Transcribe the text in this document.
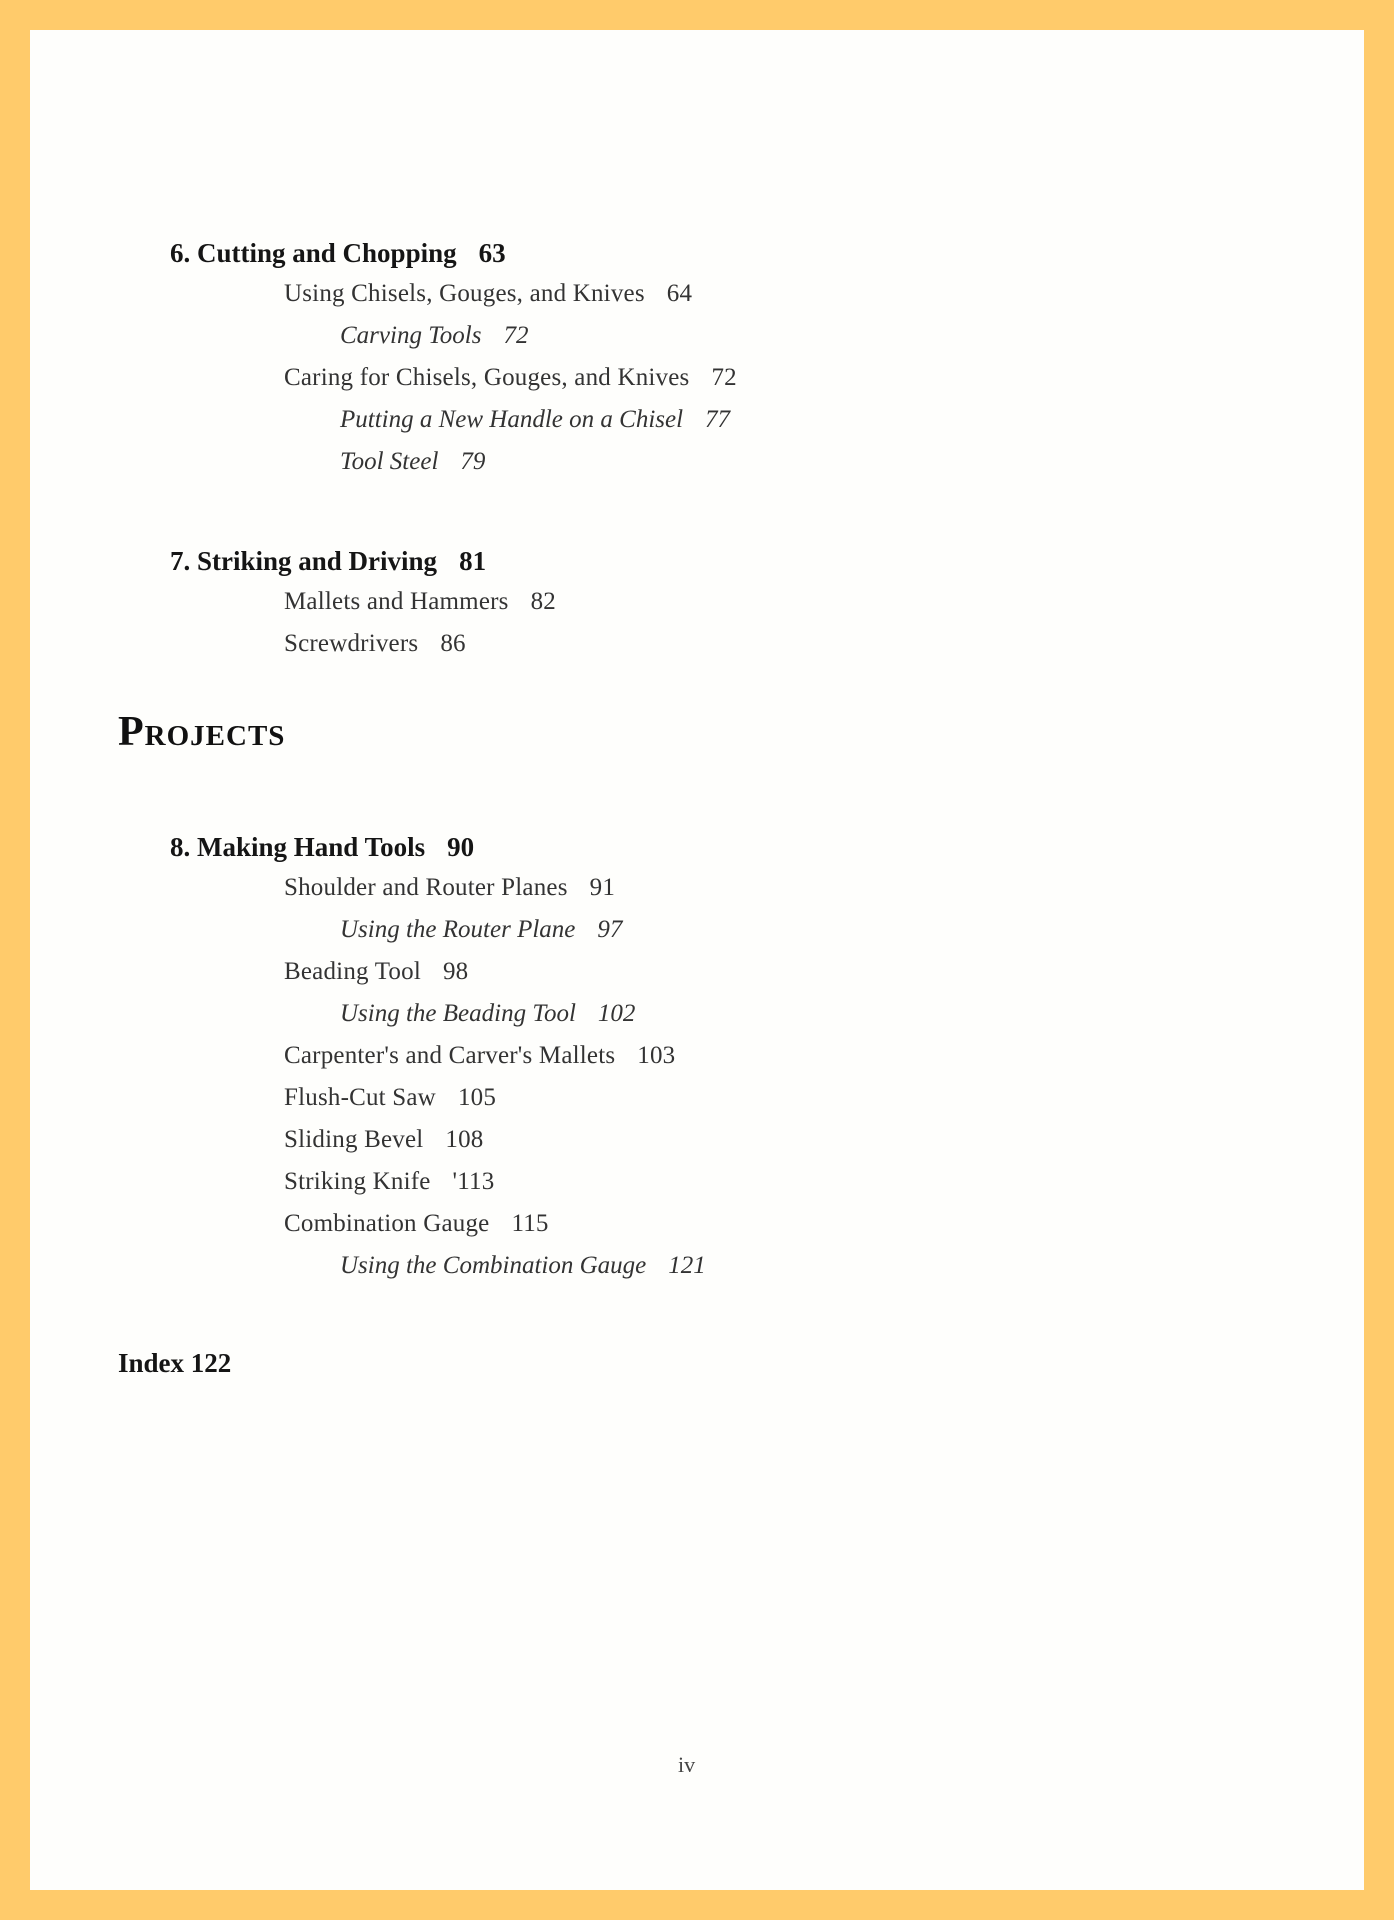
6. Cutting and Chopping 63
Using Chisels, Gouges, and Knives 64
Carving Tools 72
Caring for Chisels, Gouges, and Knives 72
Putting a New Handle on a Chisel 77
Tool Steel 79
7. Striking and Driving 81
Mallets and Hammers 82
Screwdrivers 86
Projects
8. Making Hand Tools 90
Shoulder and Router Planes 91
Using the Router Plane 97
Beading Tool 98
Using the Beading Tool 102
Carpenter's and Carver's Mallets 103
Flush-Cut Saw 105
Sliding Bevel 108
Striking Knife '113
Combination Gauge 115
Using the Combination Gauge 121
Index 122
iv
